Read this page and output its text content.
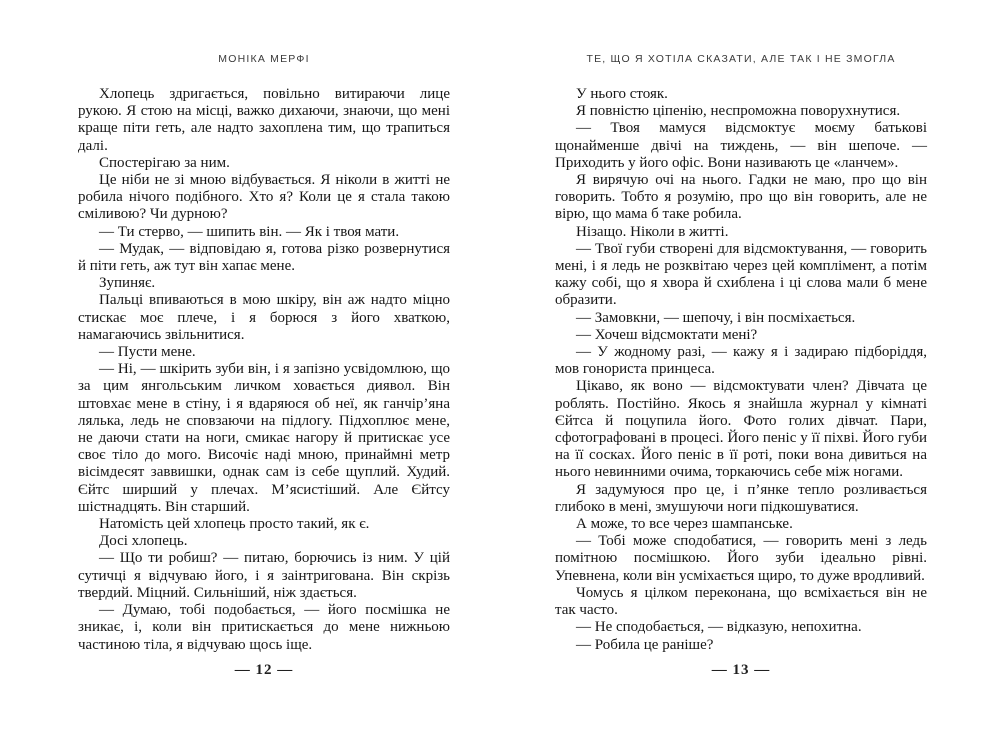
МОНІКА МЕРФІ

Хлопець здригається, повільно витираючи лице рукою. Я стою на місці, важко дихаючи, знаючи, що мені краще піти геть, але надто захоплена тим, що трапиться далі.

Спостерігаю за ним.

Це ніби не зі мною відбувається. Я ніколи в житті не робила нічого подібного. Хто я? Коли це я стала такою сміливою? Чи дурною?

— Ти стерво, — шипить він. — Як і твоя мати.

— Мудак, — відповідаю я, готова різко розвернутися й піти геть, аж тут він хапає мене.

Зупиняє.

Пальці впиваються в мою шкіру, він аж надто міцно стискає моє плече, і я борюся з його хваткою, намагаючись звільнитися.

— Пусти мене.

— Ні, — шкірить зуби він, і я запізно усвідомлюю, що за цим янгольським личком ховається диявол. Він штовхає мене в стіну, і я вдаряюся об неї, як ганчір’яна лялька, ледь не сповзаючи на підлогу. Підхоплює мене, не даючи стати на ноги, смикає нагору й притискає усе своє тіло до мого. Височіє наді мною, принаймні метр вісімдесят заввишки, однак сам із себе щуплий. Худий. Єйтс ширший у плечах. М’ясистіший. Але Єйтсу шістнадцять. Він старший.

Натомість цей хлопець просто такий, як є.

Досі хлопець.

— Що ти робиш? — питаю, борючись із ним. У цій сутичці я відчуваю його, і я заінтригована. Він скрізь твердий. Міцний. Сильніший, ніж здається.

— Думаю, тобі подобається, — його посмішка не зникає, і, коли він притискається до мене нижньою частиною тіла, я відчуваю щось іще.

— 12 —
ТЕ, ЩО Я ХОТІЛА СКАЗАТИ, АЛЕ ТАК І НЕ ЗМОГЛА

У нього стояк.

Я повністю ціпенію, неспроможна поворухнутися.

— Твоя мамуся відсмоктує моєму батькові щонайменше двічі на тиждень, — він шепоче. — Приходить у його офіс. Вони називають це «ланчем».

Я вирячую очі на нього. Гадки не маю, про що він говорить. Тобто я розумію, про що він говорить, але не вірю, що мама б таке робила.

Нізащо. Ніколи в житті.

— Твої губи створені для відсмоктування, — говорить мені, і я ледь не розквітаю через цей комплімент, а потім кажу собі, що я хвора й схиблена і ці слова мали б мене образити.

— Замовкни, — шепочу, і він посміхається.

— Хочеш відсмоктати мені?

— У жодному разі, — кажу я і задираю підборіддя, мов гонориста принцеса.

Цікаво, як воно — відсмоктувати член? Дівчата це роблять. Постійно. Якось я знайшла журнал у кімнаті Єйтса й поцупила його. Фото голих дівчат. Пари, сфотографовані в процесі. Його пеніс у її піхві. Його губи на її сосках. Його пеніс в її роті, поки вона дивиться на нього невинними очима, торкаючись себе між ногами.

Я задумуюся про це, і п’янке тепло розливається глибоко в мені, змушуючи ноги підкошуватися.

А може, то все через шампанське.

— Тобі може сподобатися, — говорить мені з ледь помітною посмішкою. Його зуби ідеально рівні. Упевнена, коли він усміхається щиро, то дуже вродливий.

Чомусь я цілком переконана, що всміхається він не так часто.

— Не сподобається, — відказую, непохитна.

— Робила це раніше?

— 13 —
